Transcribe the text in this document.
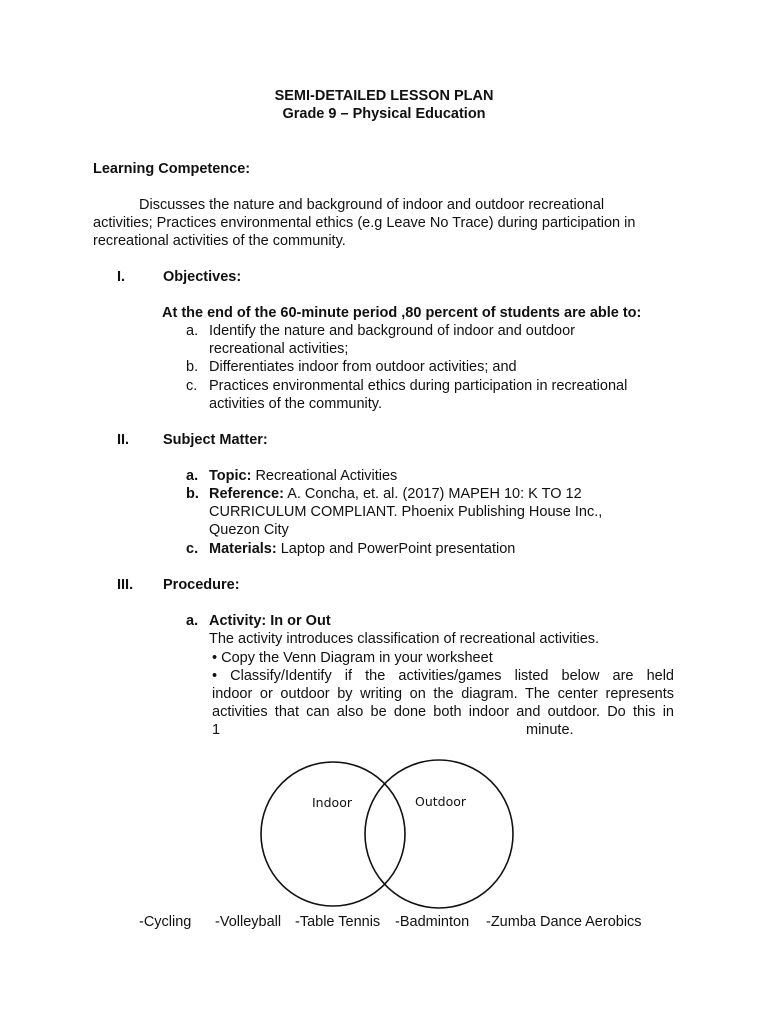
SEMI-DETAILED LESSON PLAN
Grade 9 – Physical Education
Learning Competence:
Discusses the nature and background of indoor and outdoor recreational
activities; Practices environmental ethics (e.g Leave No Trace) during participation in
recreational activities of the community.
I.	Objectives:
At the end of the 60-minute period ,80 percent of students are able to:
a. Identify the nature and background of indoor and outdoor
recreational activities;
b. Differentiates indoor from outdoor activities; and
c. Practices environmental ethics during participation in recreational
activities of the community.
II. Subject Matter:
a. Topic: Recreational Activities
b. Reference: A. Concha, et. al. (2017) MAPEH 10: K TO 12
CURRICULUM COMPLIANT. Phoenix Publishing House Inc.,
Quezon City
c. Materials: Laptop and PowerPoint presentation
III. Procedure:
a. Activity: In or Out
The activity introduces classification of recreational activities.
• Copy the Venn Diagram in your worksheet
• Classify/Identify if the activities/games listed below are held
indoor or outdoor by writing on the diagram. The center represents
activities that can also be done both indoor and outdoor. Do this in
1	minute.
Indoor	Outdoor
-Cycling -Volleyball -Table Tennis -Badminton -Zumba Dance Aerobics
